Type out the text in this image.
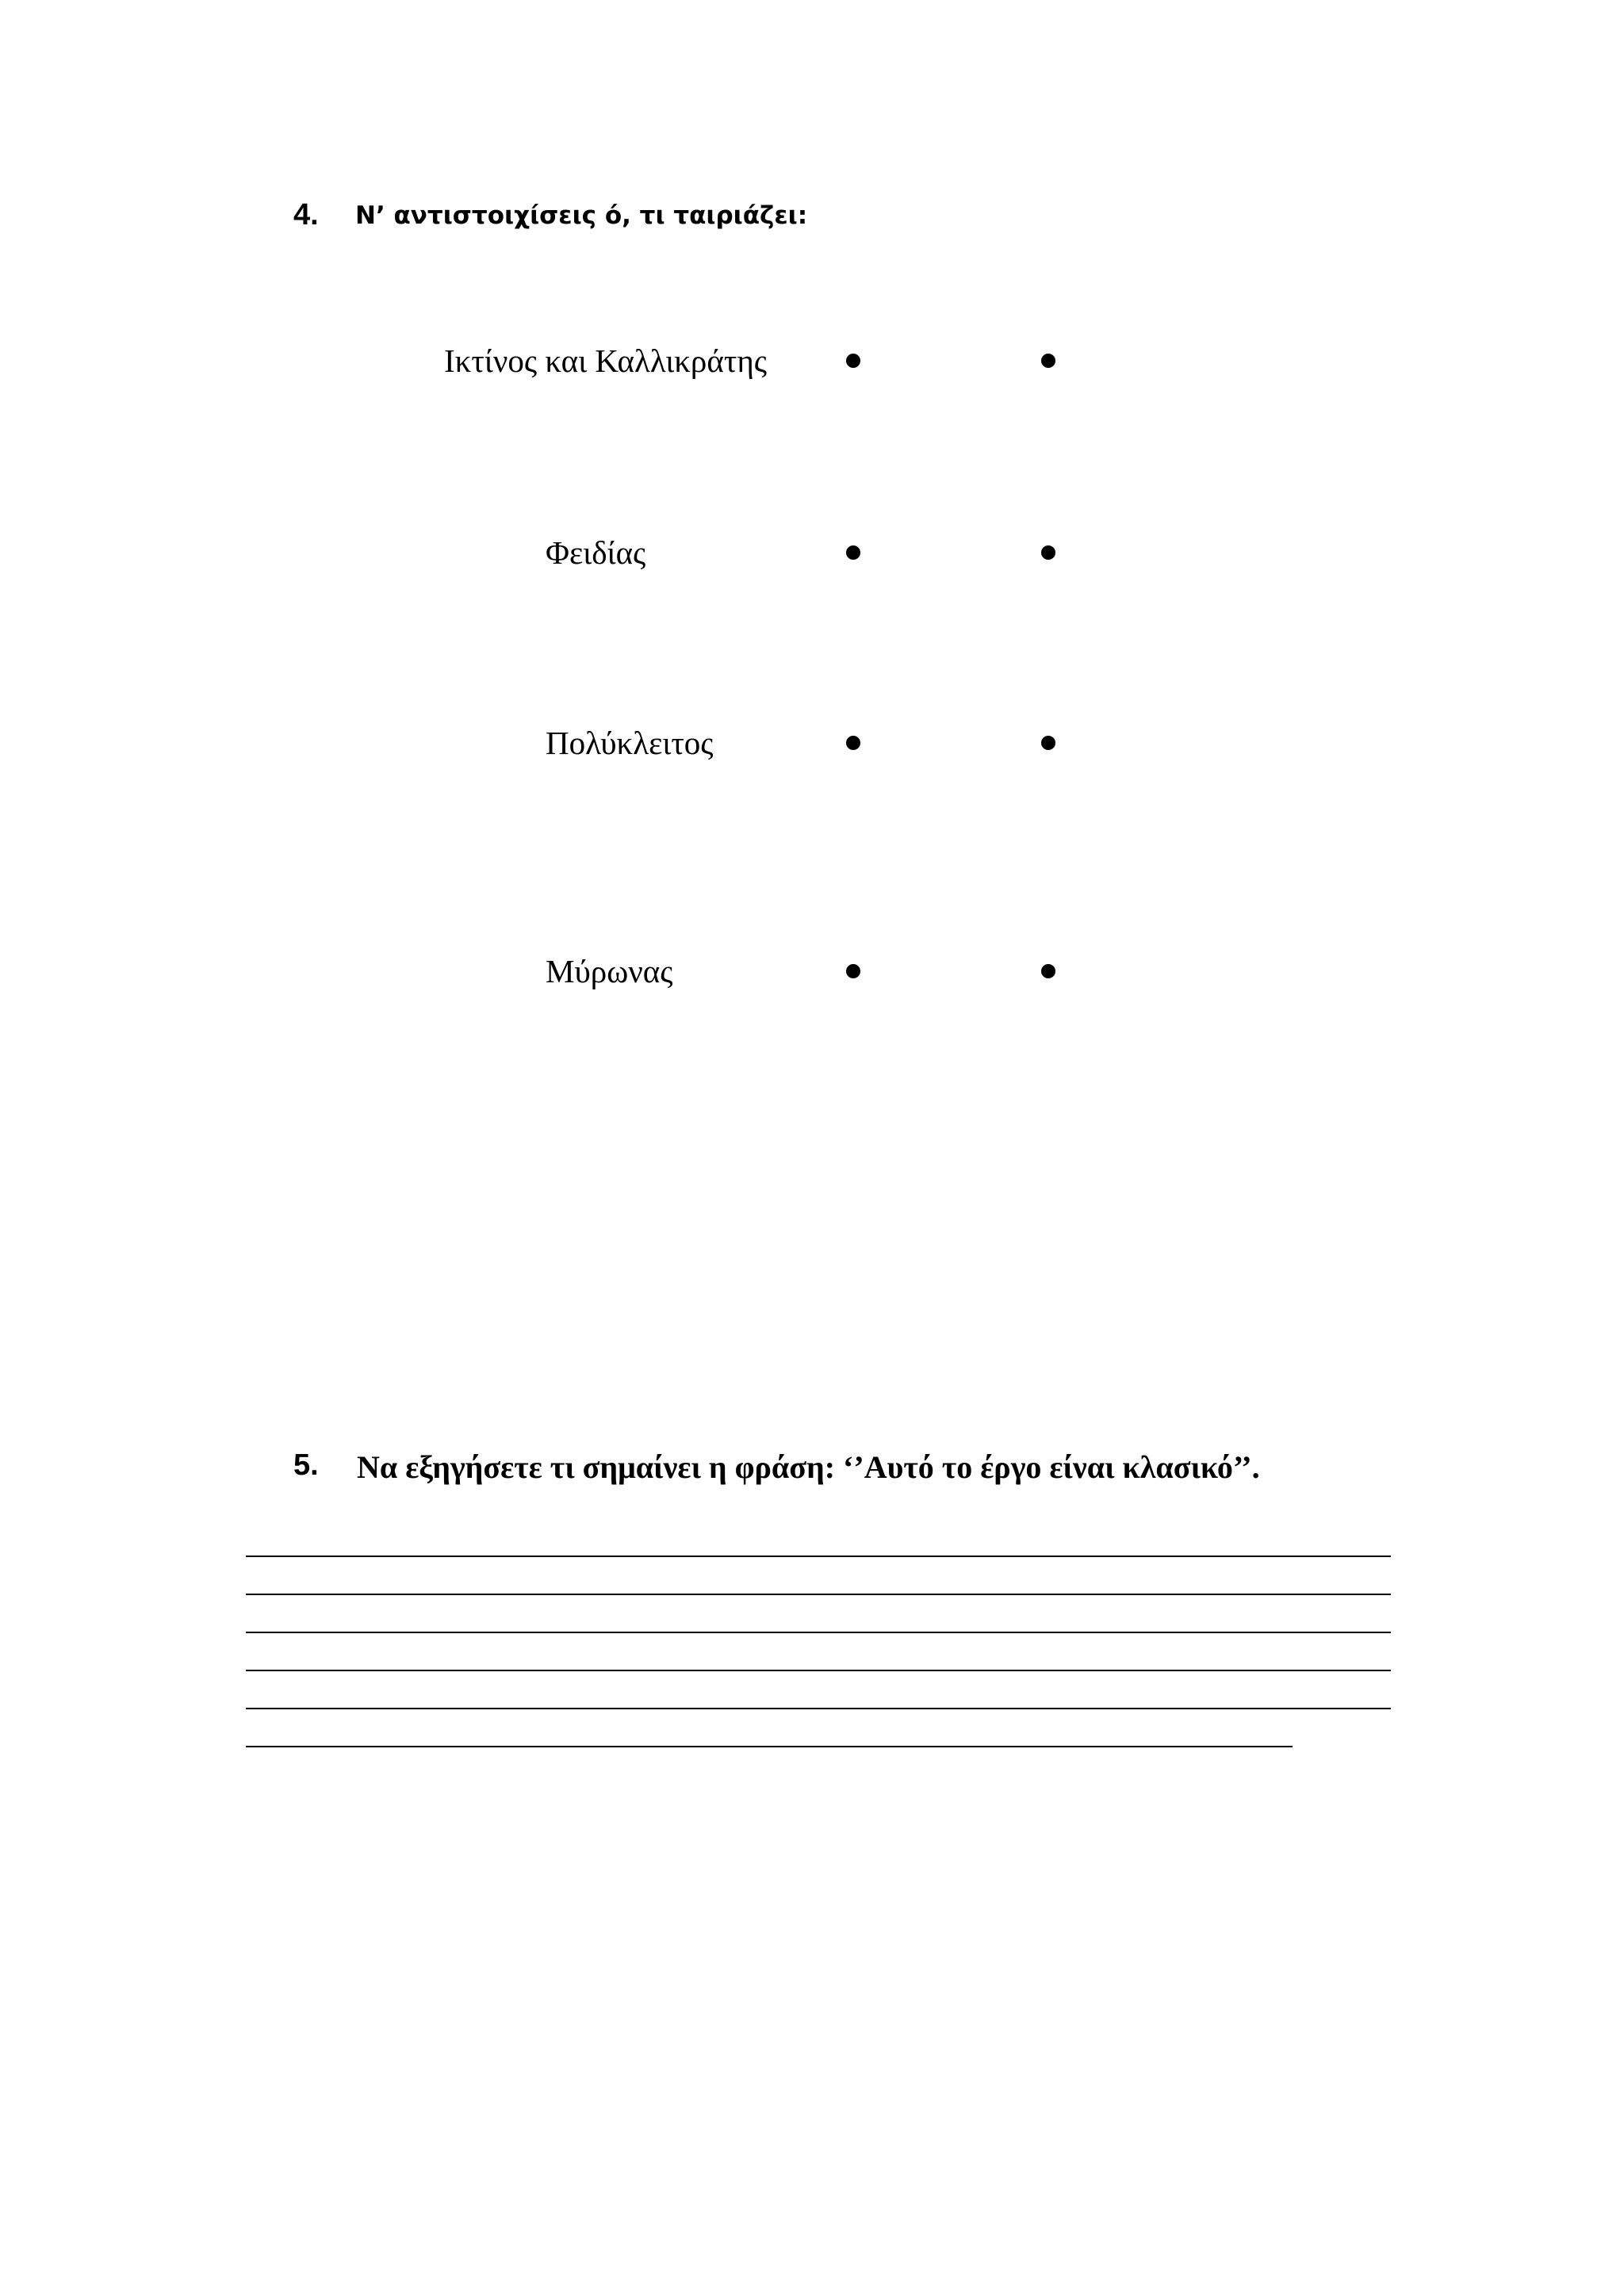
4. Ν’ αντιστοιχίσεις ό, τι ταιριάζει:
Ικτίνος και Καλλικράτης
Φειδίας
Πολύκλειτος
Μύρωνας
5. Να εξηγήσετε τι σημαίνει η φράση: ‘’Αυτό το έργο είναι κλασικό’’.
